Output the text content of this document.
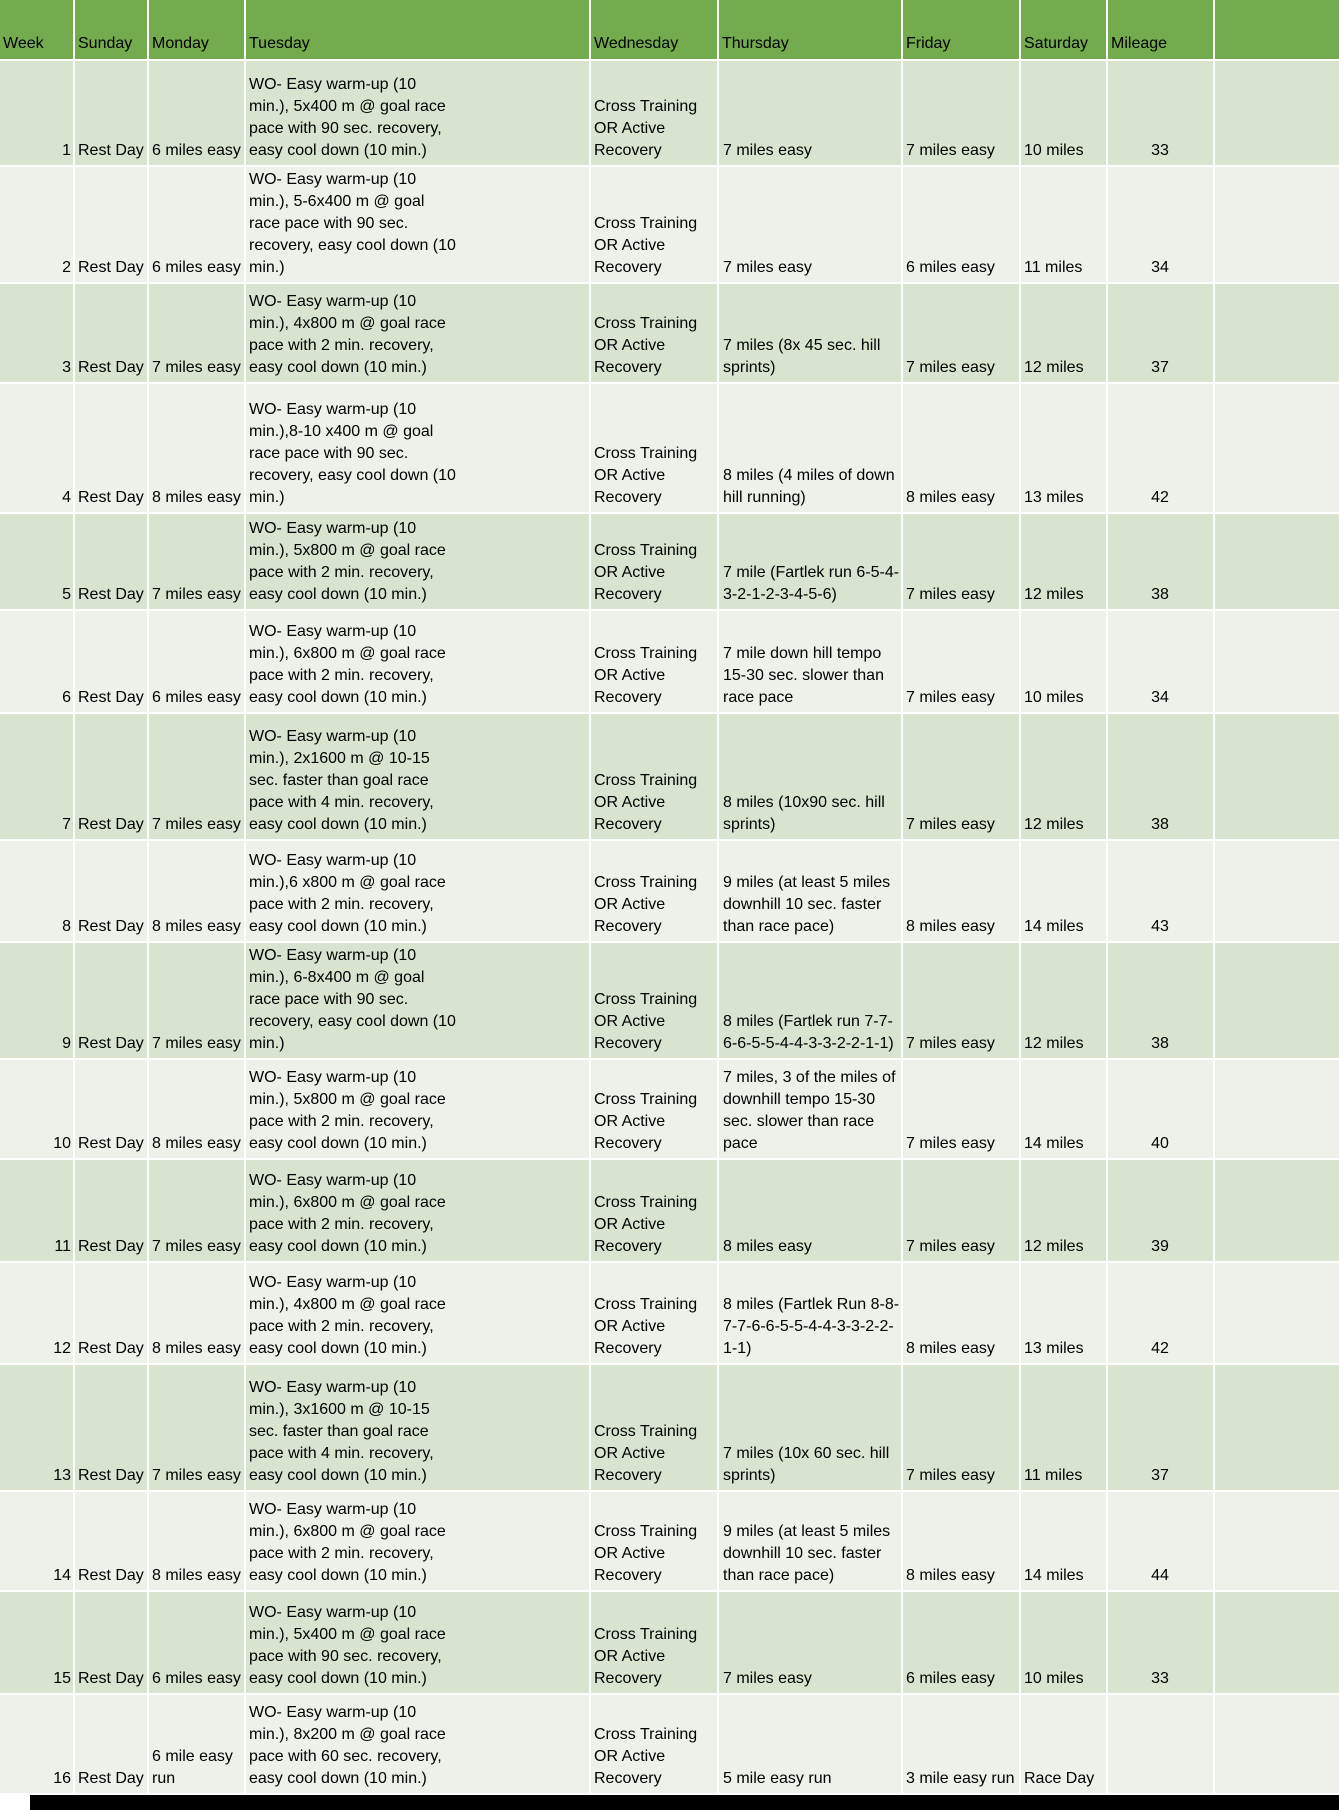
Week	Sunday	Monday	Tuesday	Wednesday	Thursday	Friday	Saturday	Mileage	
1	Rest Day	6 miles easy	WO- Easy warm-up (10 min.), 5x400 m @ goal race pace with 90 sec. recovery, easy cool down (10 min.)	Cross Training OR Active Recovery	7 miles easy	7 miles easy	10 miles	33	
2	Rest Day	6 miles easy	WO- Easy warm-up (10 min.), 5-6x400 m @ goal race pace with 90 sec. recovery, easy cool down (10 min.)	Cross Training OR Active Recovery	7 miles easy	6 miles easy	11 miles	34	
3	Rest Day	7 miles easy	WO- Easy warm-up (10 min.), 4x800 m @ goal race pace with 2 min. recovery, easy cool down (10 min.)	Cross Training OR Active Recovery	7 miles (8x 45 sec. hill sprints)	7 miles easy	12 miles	37	
4	Rest Day	8 miles easy	WO- Easy warm-up (10 min.),8-10 x400 m @ goal race pace with 90 sec. recovery, easy cool down (10 min.)	Cross Training OR Active Recovery	8 miles (4 miles of down hill running)	8 miles easy	13 miles	42	
5	Rest Day	7 miles easy	WO- Easy warm-up (10 min.), 5x800 m @ goal race pace with 2 min. recovery, easy cool down (10 min.)	Cross Training OR Active Recovery	7 mile (Fartlek run 6-5-4-3-2-1-2-3-4-5-6)	7 miles easy	12 miles	38	
6	Rest Day	6 miles easy	WO- Easy warm-up (10 min.), 6x800 m @ goal race pace with 2 min. recovery, easy cool down (10 min.)	Cross Training OR Active Recovery	7 mile down hill tempo 15-30 sec. slower than race pace	7 miles easy	10 miles	34	
7	Rest Day	7 miles easy	WO- Easy warm-up (10 min.), 2x1600 m @ 10-15 sec. faster than goal race pace with 4 min. recovery, easy cool down (10 min.)	Cross Training OR Active Recovery	8 miles (10x90 sec. hill sprints)	7 miles easy	12 miles	38	
8	Rest Day	8 miles easy	WO- Easy warm-up (10 min.),6 x800 m @ goal race pace with 2 min. recovery, easy cool down (10 min.)	Cross Training OR Active Recovery	9 miles (at least 5 miles downhill 10 sec. faster than race pace)	8 miles easy	14 miles	43	
9	Rest Day	7 miles easy	WO- Easy warm-up (10 min.), 6-8x400 m @ goal race pace with 90 sec. recovery, easy cool down (10 min.)	Cross Training OR Active Recovery	8 miles (Fartlek run 7-7-6-6-5-5-4-4-3-3-2-2-1-1)	7 miles easy	12 miles	38	
10	Rest Day	8 miles easy	WO- Easy warm-up (10 min.), 5x800 m @ goal race pace with 2 min. recovery, easy cool down (10 min.)	Cross Training OR Active Recovery	7 miles, 3 of the miles of downhill tempo 15-30 sec. slower than race pace	7 miles easy	14 miles	40	
11	Rest Day	7 miles easy	WO- Easy warm-up (10 min.), 6x800 m @ goal race pace with 2 min. recovery, easy cool down (10 min.)	Cross Training OR Active Recovery	8 miles easy	7 miles easy	12 miles	39	
12	Rest Day	8 miles easy	WO- Easy warm-up (10 min.), 4x800 m @ goal race pace with 2 min. recovery, easy cool down (10 min.)	Cross Training OR Active Recovery	8 miles (Fartlek Run 8-8-7-7-6-6-5-5-4-4-3-3-2-2-1-1)	8 miles easy	13 miles	42	
13	Rest Day	7 miles easy	WO- Easy warm-up (10 min.), 3x1600 m @ 10-15 sec. faster than goal race pace with 4 min. recovery, easy cool down (10 min.)	Cross Training OR Active Recovery	7 miles (10x 60 sec. hill sprints)	7 miles easy	11 miles	37	
14	Rest Day	8 miles easy	WO- Easy warm-up (10 min.), 6x800 m @ goal race pace with 2 min. recovery, easy cool down (10 min.)	Cross Training OR Active Recovery	9 miles (at least 5 miles downhill 10 sec. faster than race pace)	8 miles easy	14 miles	44	
15	Rest Day	6 miles easy	WO- Easy warm-up (10 min.), 5x400 m @ goal race pace with 90 sec. recovery, easy cool down (10 min.)	Cross Training OR Active Recovery	7 miles easy	6 miles easy	10 miles	33	
16	Rest Day	6 mile easy run	WO- Easy warm-up (10 min.), 8x200 m @ goal race pace with 60 sec. recovery, easy cool down (10 min.)	Cross Training OR Active Recovery	5 mile easy run	3 mile easy run	Race Day		
